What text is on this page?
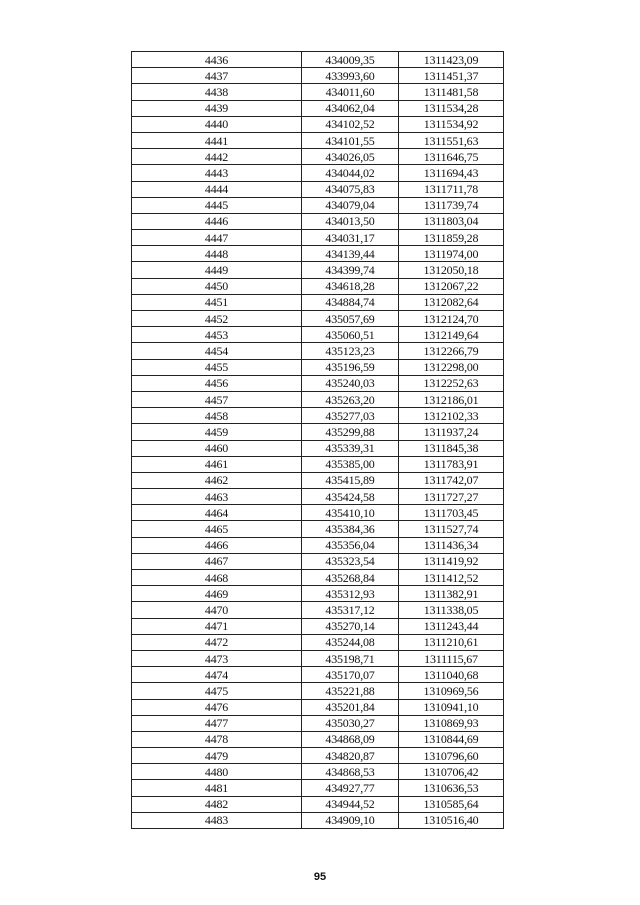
4436	434009,35	1311423,09
4437	433993,60	1311451,37
4438	434011,60	1311481,58
4439	434062,04	1311534,28
4440	434102,52	1311534,92
4441	434101,55	1311551,63
4442	434026,05	1311646,75
4443	434044,02	1311694,43
4444	434075,83	1311711,78
4445	434079,04	1311739,74
4446	434013,50	1311803,04
4447	434031,17	1311859,28
4448	434139,44	1311974,00
4449	434399,74	1312050,18
4450	434618,28	1312067,22
4451	434884,74	1312082,64
4452	435057,69	1312124,70
4453	435060,51	1312149,64
4454	435123,23	1312266,79
4455	435196,59	1312298,00
4456	435240,03	1312252,63
4457	435263,20	1312186,01
4458	435277,03	1312102,33
4459	435299,88	1311937,24
4460	435339,31	1311845,38
4461	435385,00	1311783,91
4462	435415,89	1311742,07
4463	435424,58	1311727,27
4464	435410,10	1311703,45
4465	435384,36	1311527,74
4466	435356,04	1311436,34
4467	435323,54	1311419,92
4468	435268,84	1311412,52
4469	435312,93	1311382,91
4470	435317,12	1311338,05
4471	435270,14	1311243,44
4472	435244,08	1311210,61
4473	435198,71	1311115,67
4474	435170,07	1311040,68
4475	435221,88	1310969,56
4476	435201,84	1310941,10
4477	435030,27	1310869,93
4478	434868,09	1310844,69
4479	434820,87	1310796,60
4480	434868,53	1310706,42
4481	434927,77	1310636,53
4482	434944,52	1310585,64
4483	434909,10	1310516,40
95
